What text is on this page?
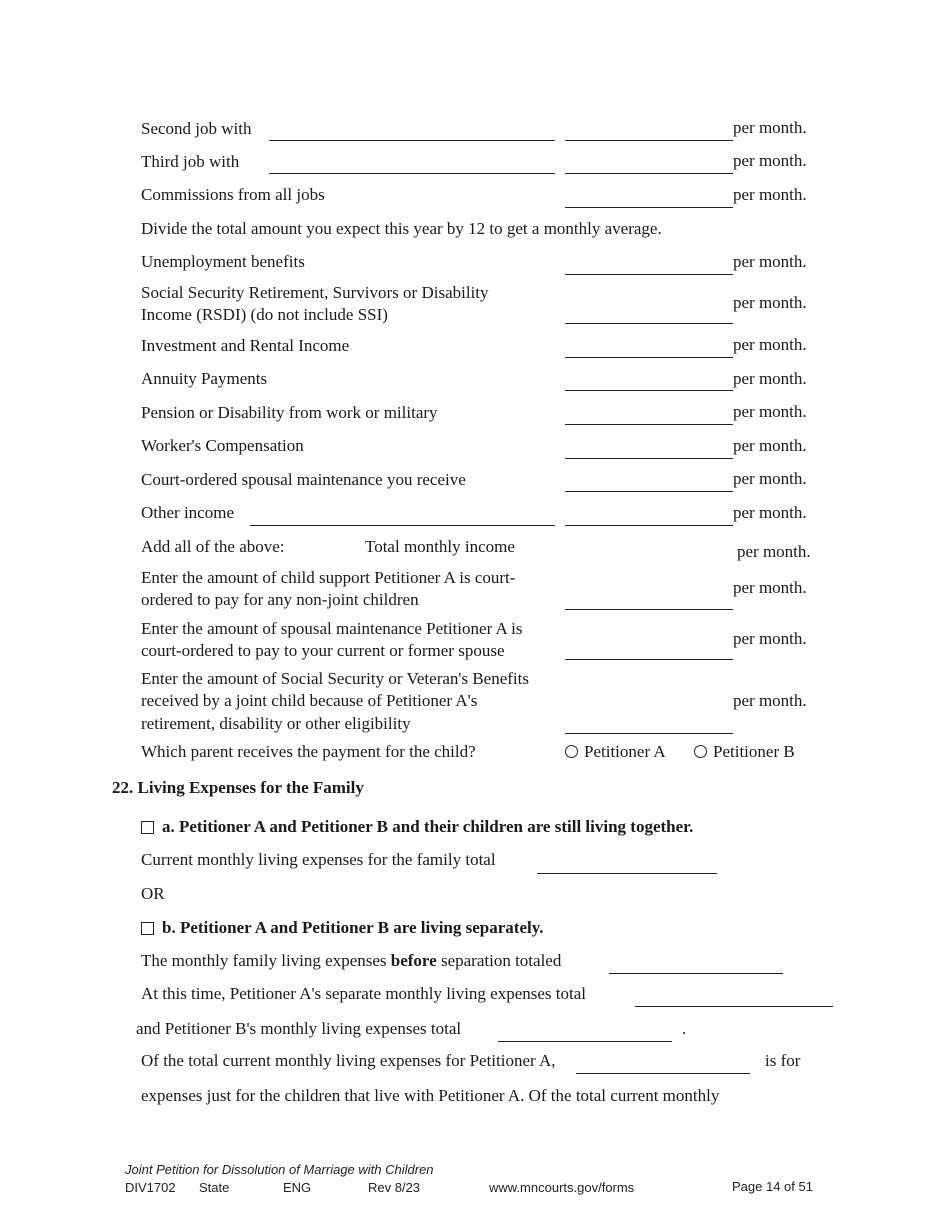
Second job with	per month.
Third job with	per month.
Commissions from all jobs	per month.
Divide the total amount you expect this year by 12 to get a monthly average.
Unemployment benefits	per month.
Social Security Retirement, Survivors or Disability
Income (RSDI) (do not include SSI)
per month.
Investment and Rental Income	per month.
Annuity Payments	per month.
Pension or Disability from work or military	per month.
Worker's Compensation	per month.
Court-ordered spousal maintenance you receive	per month.
Other income	per month.
Add all of the above:	Total monthly income	per month.
Enter the amount of child support Petitioner A is court-
ordered to pay for any non-joint children
per month.
Enter the amount of spousal maintenance Petitioner A is
court-ordered to pay to your current or former spouse
per month.
Enter the amount of Social Security or Veteran's Benefits
received by a joint child because of Petitioner A's
retirement, disability or other eligibility
per month.
Which parent receives the payment for the child?	Petitioner A	Petitioner B
22. Living Expenses for the Family
a. Petitioner A and Petitioner B and their children are still living together.
Current monthly living expenses for the family total
OR
b. Petitioner A and Petitioner B are living separately.
The monthly family living expenses before separation totaled
At this time, Petitioner A's separate monthly living expenses total
and Petitioner B's monthly living expenses total	.
Of the total current monthly living expenses for Petitioner A,	is for
expenses just for the children that live with Petitioner A. Of the total current monthly
Joint Petition for Dissolution of Marriage with Children
DIV1702 State	ENG	Rev 8/23	www.mncourts.gov/forms	Page 14 of 51
